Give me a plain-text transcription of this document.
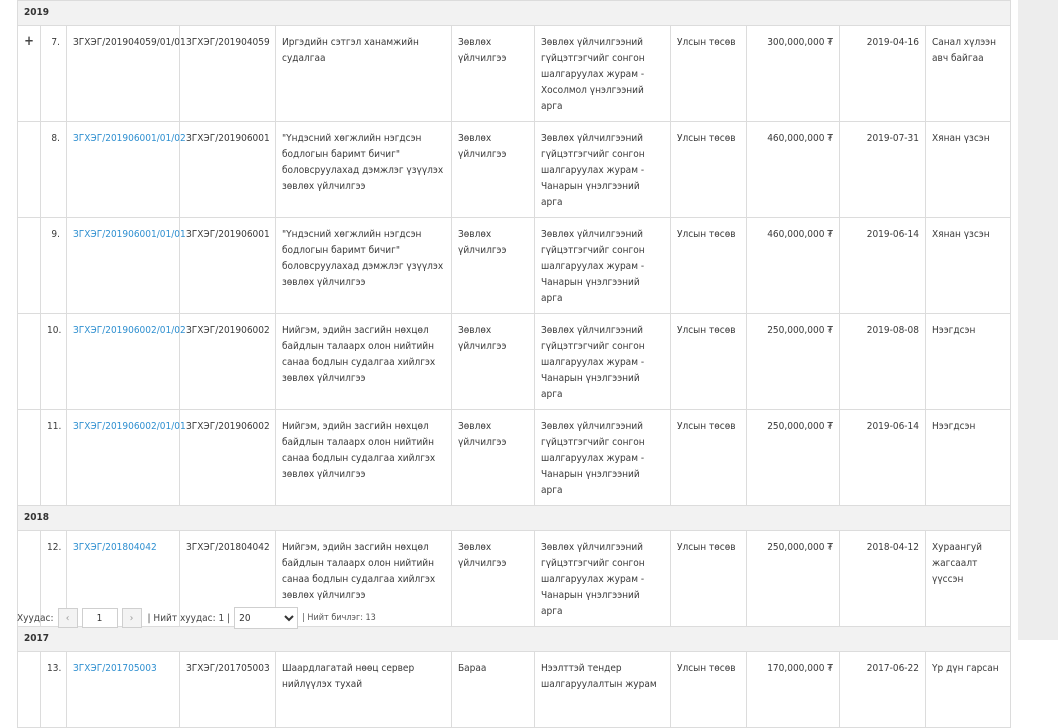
2019										
+	7.	ЗГХЭГ/201904059/01/01	ЗГХЭГ/201904059	Иргэдийн сэтгэл ханамжийн судалгаа	Зөвлөх үйлчилгээ	Зөвлөх үйлчилгээний гүйцэтгэгчийг сонгон шалгаруулах журам - Хосолмол үнэлгээний арга	Улсын төсөв	300,000,000 ₮	2019-04-16	Санал хүлээн авч байгаа
	8.	ЗГХЭГ/201906001/01/02	ЗГХЭГ/201906001	"Үндэсний хөгжлийн нэгдсэн бодлогын баримт бичиг" боловсруулахад дэмжлэг үзүүлэх зөвлөх үйлчилгээ	Зөвлөх үйлчилгээ	Зөвлөх үйлчилгээний гүйцэтгэгчийг сонгон шалгаруулах журам - Чанарын үнэлгээний арга	Улсын төсөв	460,000,000 ₮	2019-07-31	Хянан үзсэн
	9.	ЗГХЭГ/201906001/01/01	ЗГХЭГ/201906001	"Үндэсний хөгжлийн нэгдсэн бодлогын баримт бичиг" боловсруулахад дэмжлэг үзүүлэх зөвлөх үйлчилгээ	Зөвлөх үйлчилгээ	Зөвлөх үйлчилгээний гүйцэтгэгчийг сонгон шалгаруулах журам - Чанарын үнэлгээний арга	Улсын төсөв	460,000,000 ₮	2019-06-14	Хянан үзсэн
	10.	ЗГХЭГ/201906002/01/02	ЗГХЭГ/201906002	Нийгэм, эдийн засгийн нөхцөл байдлын талаарх олон нийтийн санаа бодлын судалгаа хийлгэх зөвлөх үйлчилгээ	Зөвлөх үйлчилгээ	Зөвлөх үйлчилгээний гүйцэтгэгчийг сонгон шалгаруулах журам - Чанарын үнэлгээний арга	Улсын төсөв	250,000,000 ₮	2019-08-08	Нээгдсэн
	11.	ЗГХЭГ/201906002/01/01	ЗГХЭГ/201906002	Нийгэм, эдийн засгийн нөхцөл байдлын талаарх олон нийтийн санаа бодлын судалгаа хийлгэх зөвлөх үйлчилгээ	Зөвлөх үйлчилгээ	Зөвлөх үйлчилгээний гүйцэтгэгчийг сонгон шалгаруулах журам - Чанарын үнэлгээний арга	Улсын төсөв	250,000,000 ₮	2019-06-14	Нээгдсэн
2018										
	12.	ЗГХЭГ/201804042	ЗГХЭГ/201804042	Нийгэм, эдийн засгийн нөхцөл байдлын талаарх олон нийтийн санаа бодлын судалгаа хийлгэх зөвлөх үйлчилгээ	Зөвлөх үйлчилгээ	Зөвлөх үйлчилгээний гүйцэтгэгчийг сонгон шалгаруулах журам - Чанарын үнэлгээний арга	Улсын төсөв	250,000,000 ₮	2018-04-12	Хураангуй жагсаалт үүссэн
2017										
	13.	ЗГХЭГ/201705003	ЗГХЭГ/201705003	Шаардлагатай нөөц сервер нийлүүлэх тухай	Бараа	Нээлттэй тендер шалгаруулалтын журам	Улсын төсөв	170,000,000 ₮	2017-06-22	Үр дүн гарсан
Хуудас: ‹
1	› | Нийт хуудас: 1 |
20	| Нийт бичлэг: 13
